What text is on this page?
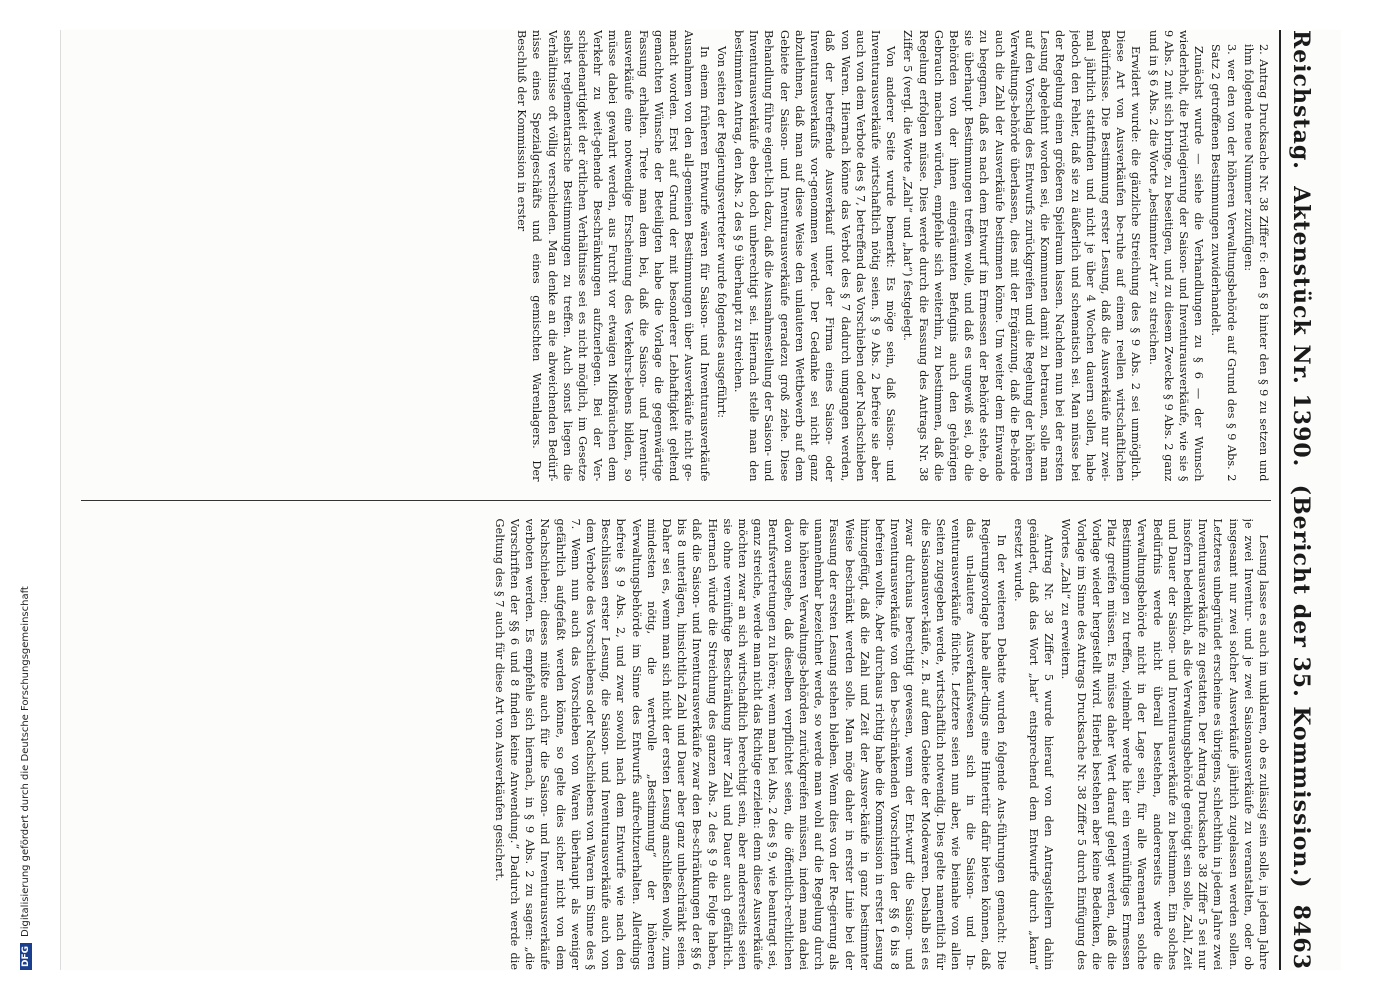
DFGDigitalisierung gefördert durch die Deutsche Forschungsgemeinschaft
Reichstag.
Aktenstück Nr. 1390.  (Bericht der 35. Kommission.)
8463

2. Antrag Drucksache Nr. 38 Ziffer 6: den § 8 hinter den § 9 zu setzen und ihm folgende neue Nummer zuzufügen:

3. wer den von der höheren Verwaltungsbehörde auf Grund des § 9 Abs. 2 Satz 2 getroffenen Bestimmungen zuwiderhandelt.

Zunächst wurde — siehe die Verhandlungen zu § 6 — der Wunsch wiederholt, die Privilegierung der Saison- und Inventurausverkäufe, wie sie § 9 Abs. 2 mit sich bringe, zu beseitigen, und zu diesem Zwecke § 9 Abs. 2 ganz und in § 6 Abs. 2 die Worte „bestimmter Art“ zu streichen.

Erwidert wurde: die gänzliche Streichung des § 9 Abs. 2 sei unmöglich. Diese Art von Ausverkäufen be-ruhe auf einem reellen wirtschaftlichen Bedürfnisse. Die Bestimmung erster Lesung, daß die Ausverkäufe nur zwei-mal jährlich stattfinden und nicht je über 4 Wochen dauern sollen, habe jedoch den Fehler, daß sie zu äußerlich und schematisch sei. Man müsse bei der Regelung einen größeren Spielraum lassen. Nachdem nun bei der ersten Lesung abgelehnt worden sei, die Kommunen damit zu betrauen, solle man auf den Vorschlag des Entwurfs zurückgreifen und die Regelung der höheren Verwaltungs-behörde überlassen, dies mit der Ergänzung, daß die Be-hörde auch die Zahl der Ausverkäufe bestimmen könne. Um weiter dem Einwande zu begegnen, daß es nach dem Entwurf im Ermessen der Behörde stehe, ob sie überhaupt Bestimmungen treffen wolle, und daß es ungewiß sei, ob die Behörden von der ihnen eingeräumten Befugnis auch den gehörigen Gebrauch machen würden, empfehle sich weiterhin, zu bestimmen, daß die Regelung erfolgen müsse. Dies werde durch die Fassung des Antrags Nr. 38 Ziffer 5 (vergl. die Worte „Zahl“ und „hat“) festgelegt.

Von anderer Seite wurde bemerkt: Es möge sein, daß Saison- und Inventurausverkäufe wirtschaftlich nötig seien. § 9 Abs. 2 befreie sie aber auch von dem Verbote des § 7, betreffend das Vorschieben oder Nachschieben von Waren. Hiernach könne das Verbot des § 7 dadurch umgangen werden, daß der betreffende Ausverkauf unter der Firma eines Saison- oder Inventurausverkaufs vor-genommen werde. Der Gedanke sei nicht ganz abzulehnen, daß man auf diese Weise den unlauteren Wettbewerb auf dem Gebiete der Saison- und Inventurausverkäufe geradezu groß ziehe. Diese Behandlung führe eigent-lich dazu, daß die Ausnahmestellung der Saison- und Inventurausverkäufe eben doch unberechtigt sei. Hiernach stelle man den bestimmten Antrag, den Abs. 2 des § 9 überhaupt zu streichen.

Von seiten der Regierungsvertreter wurde folgendes ausgeführt:

In einem früheren Entwurfe wären für Saison- und Inventurausverkäufe Ausnahmen von den all-gemeinen Bestimmungen über Ausverkäufe nicht ge-macht worden. Erst auf Grund der mit besonderer Lebhaftigkeit geltend gemachten Wünsche der Beteiligten habe die Vorlage die gegenwärtige Fassung erhalten. Trete man dem bei, daß die Saison- und Inventur-ausverkäufe eine notwendige Erscheinung des Verkehrs-lebens bilden, so müsse dabei gewahrt werden, aus Furcht vor etwaigen Mißbräuchen dem Verkehr zu weit-gehende Beschränkungen aufzuerlegen. Bei der Ver-schiedenartigkeit der örtlichen Verhältnisse sei es nicht möglich, im Gesetze selbst reglementarische Bestimmungen zu treffen. Auch sonst liegen die Verhältnisse oft völlig verschieden. Man denke an die abweichenden Bedürf-nisse eines Spezialgeschäfts und eines gemischten Warenlagers. Der Beschluß der Kommission in erster

Lesung lasse es auch im unklaren, ob es zulässig sein solle, in jedem Jahre je zwei Inventur- und je zwei Saisonausverkäufe zu veranstalten, oder ob insgesamt nur zwei solcher Ausverkäufe jährlich zugelassen werden sollen. Letzteres unbegründet erscheine es übrigens, schlechthin in jedem Jahre zwei Inventurausverkäufe zu gestatten. Der Antrag Drucksache 38 Ziffer 5 sei nur insofern bedenklich, als die Verwaltungsbehörde genötigt sein solle, Zahl, Zeit und Dauer der Saison- und Inventurausverkäufe zu bestimmen. Ein solches Bedürfnis werde nicht überall bestehen, andererseits werde die Verwaltungsbehörde nicht in der Lage sein, für alle Warenarten solche Bestimmungen zu treffen, vielmehr werde hier ein vernünftiges Ermessen Platz greifen müssen. Es müsse daher Wert darauf gelegt werden, daß die Vorlage wieder hergestellt wird. Hierbei bestehen aber keine Bedenken, die Vorlage im Sinne des Antrags Drucksache Nr. 38 Ziffer 5 durch Einfügung des Wortes „Zahl“ zu erweitern.

Antrag Nr. 38 Ziffer 5 wurde hierauf von den Antragstellern dahin geändert, daß das Wort „hat“ entsprechend dem Entwurfe durch „kann“ ersetzt wurde.

In der weiteren Debatte wurden folgende Aus-führungen gemacht: Die Regierungsvorlage habe aller-dings eine Hintertür dafür bieten können, daß das un-lautere Ausverkaufswesen sich in die Saison- und In-venturausverkäufe flüchte. Letztere seien nun aber, wie beinahe von allen Seiten zugegeben werde, wirtschaftlich notwendig. Dies gelte namentlich für die Saisonausver-käufe, z. B. auf dem Gebiete der Modewaren. Deshalb sei es zwar durchaus berechtigt gewesen, wenn der Ent-wurf die Saison- und Inventurausverkäufe von den be-schränkenden Vorschriften der §§ 6 bis 8 befreien wollte. Aber durchaus richtig habe die Kommission in erster Lesung hinzugefügt, daß die Zahl und Zeit der Ausver-käufe in ganz bestimmter Weise beschränkt werden solle. Man möge daher in erster Linie bei der Fassung der ersten Lesung stehen bleiben. Wenn dies von der Re-gierung als unannehmbar bezeichnet werde, so werde man wohl auf die Regelung durch die höheren Verwaltungs-behörden zurückgreifen müssen, indem man dabei davon ausgehe, daß dieselben verpflichtet seien, die öffentlich-rechtlichen Berufsvertretungen zu hören; wenn man bei Abs. 2 des § 9, wie beantragt sei, ganz streiche, werde man nicht das Richtige erzielen: denn diese Ausverkäufe möchten zwar an sich wirtschaftlich berechtigt sein, aber andererseits seien sie ohne vernünftige Beschränkung ihrer Zahl und Dauer auch gefährlich. Hiernach würde die Streichung des ganzen Abs. 2 des § 9 die Folge haben, daß die Saison- und Inventurausverkäufe zwar den Be-schränkungen der §§ 6 bis 8 unterlägen, hinsichtlich Zahl und Dauer aber ganz unbeschränkt seien. Daher sei es, wenn man sich nicht der ersten Lesung anschließen wolle, zum mindesten nötig, die wertvolle „Bestimmung“ der höheren Verwaltungsbehörde im Sinne des Entwurfs aufrechtzuerhalten. Allerdings befreie § 9 Abs. 2, und zwar sowohl nach dem Entwurfe wie nach den Beschlüssen erster Lesung, die Saison- und Inventurausverkäufe auch von dem Verbote des Vorschiebens oder Nachschiebens von Waren im Sinne des § 7. Wenn nun auch das Vorschieben von Waren überhaupt als weniger gefährlich aufgefaßt werden könne, so gelte dies sicher nicht von dem Nachschieben; dieses müßte auch für die Saison- und Inventurausverkäufe verboten werden. Es empfehle sich hiernach, in § 9 Abs. 2 zu sagen: „die Vorschriften der §§ 6 und 8 finden keine Anwendung.“ Dadurch werde die Geltung des § 7 auch für diese Art von Ausverkäufen gesichert.
